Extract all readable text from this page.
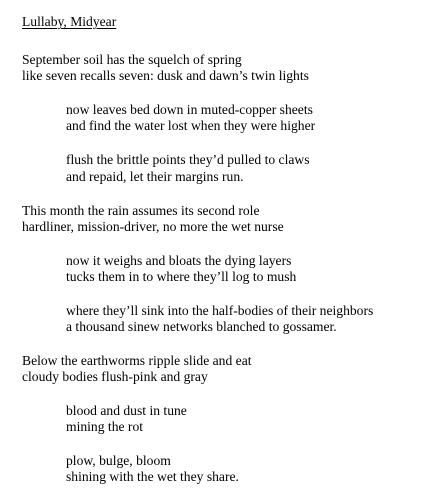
Lullaby, Midyear
September soil has the squelch of spring
like seven recalls seven: dusk and dawn’s twin lights
now leaves bed down in muted-copper sheets
and find the water lost when they were higher
flush the brittle points they’d pulled to claws
and repaid, let their margins run.
This month the rain assumes its second role
hardliner, mission-driver, no more the wet nurse
now it weighs and bloats the dying layers
tucks them in to where they’ll log to mush
where they’ll sink into the half-bodies of their neighbors
a thousand sinew networks blanched to gossamer.
Below the earthworms ripple slide and eat
cloudy bodies flush-pink and gray
blood and dust in tune
mining the rot
plow, bulge, bloom
shining with the wet they share.
